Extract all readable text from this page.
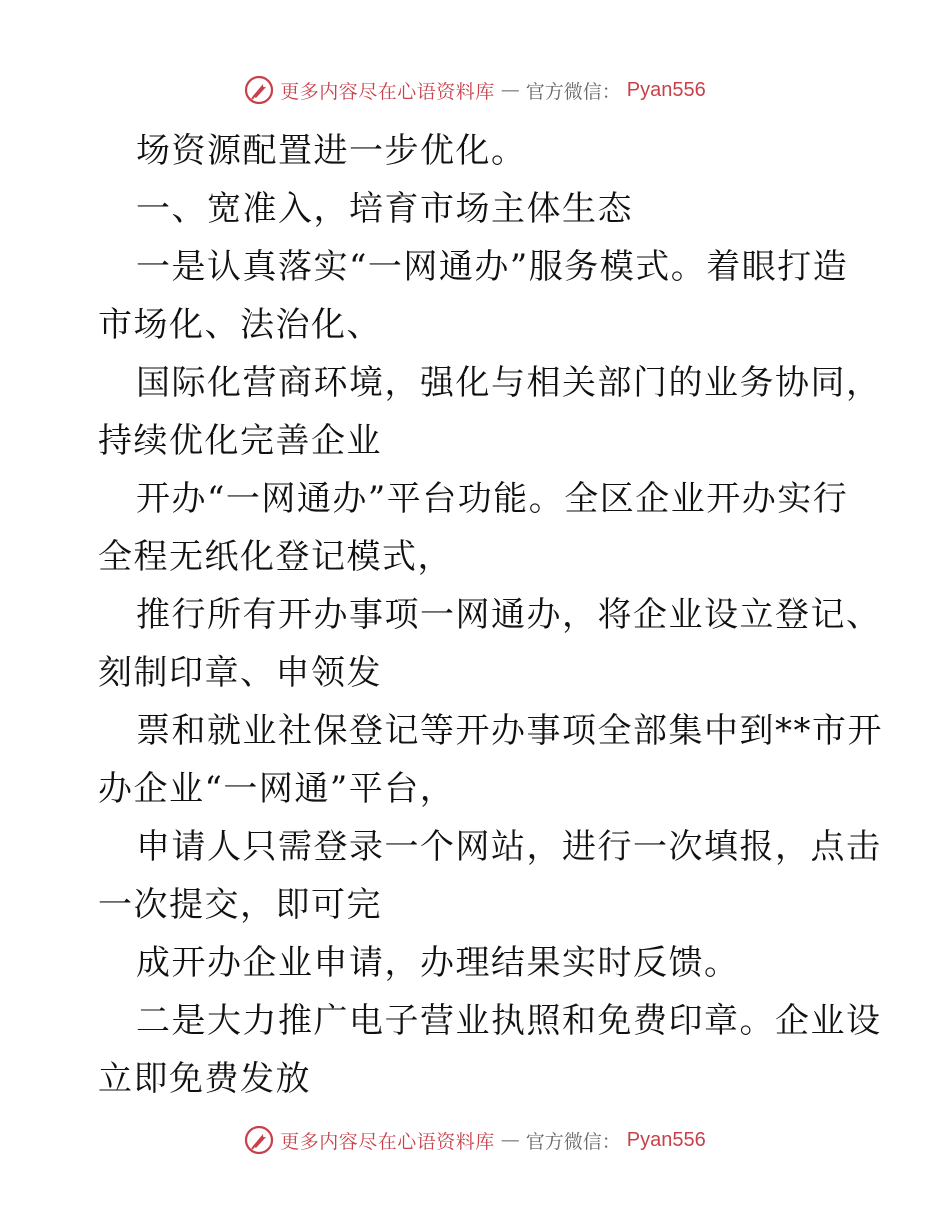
更多内容尽在心语资料库 — 官方微信： Pyan556
场资源配置进一步优化。
一、宽准入，培育市场主体生态
一是认真落实“一网通办”服务模式。着眼打造
市场化、法治化、
国际化营商环境，强化与相关部门的业务协同，
持续优化完善企业
开办“一网通办”平台功能。全区企业开办实行
全程无纸化登记模式，
推行所有开办事项一网通办，将企业设立登记、
刻制印章、申领发
票和就业社保登记等开办事项全部集中到**市开
办企业“一网通”平台，
申请人只需登录一个网站，进行一次填报，点击
一次提交，即可完
成开办企业申请，办理结果实时反馈。
二是大力推广电子营业执照和免费印章。企业设
立即免费发放
更多内容尽在心语资料库 — 官方微信： Pyan556
